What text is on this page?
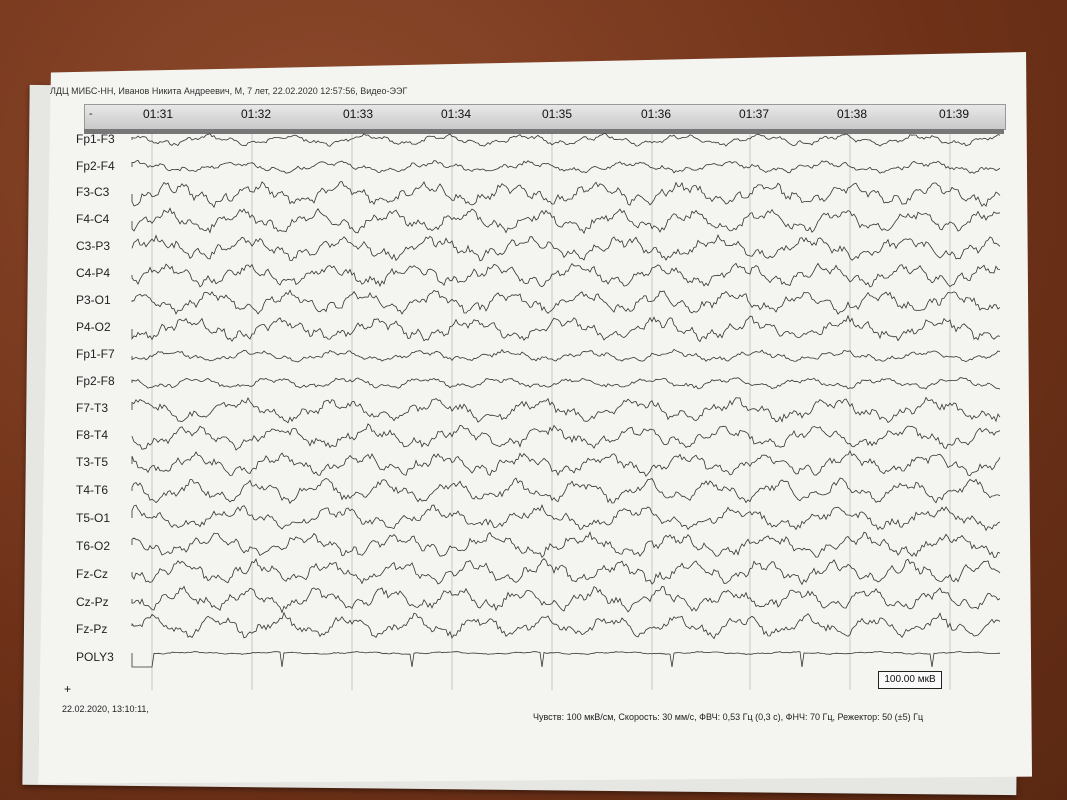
ЛДЦ МИБС-НН, Иванов Никита Андреевич, М, 7 лет, 22.02.2020 12:57:56, Видео-ЭЭГ
-	01:31	01:32	01:33	01:34	01:35	01:36	01:37	01:38	01:39
Fp1-F3
Fp2-F4
F3-C3
F4-C4
C3-P3
C4-P4
P3-O1
P4-O2
Fp1-F7
Fp2-F8
F7-T3
F8-T4
T3-T5
T4-T6
T5-O1
T6-O2
Fz-Cz
Cz-Pz
Fz-Pz
POLY3
+
100.00 мкВ
22.02.2020, 13:10:11,
Чувств: 100 мкВ/см, Скорость: 30 мм/с, ФВЧ: 0,53 Гц (0,3 с), ФНЧ: 70 Гц, Режектор: 50 (±5) Гц
